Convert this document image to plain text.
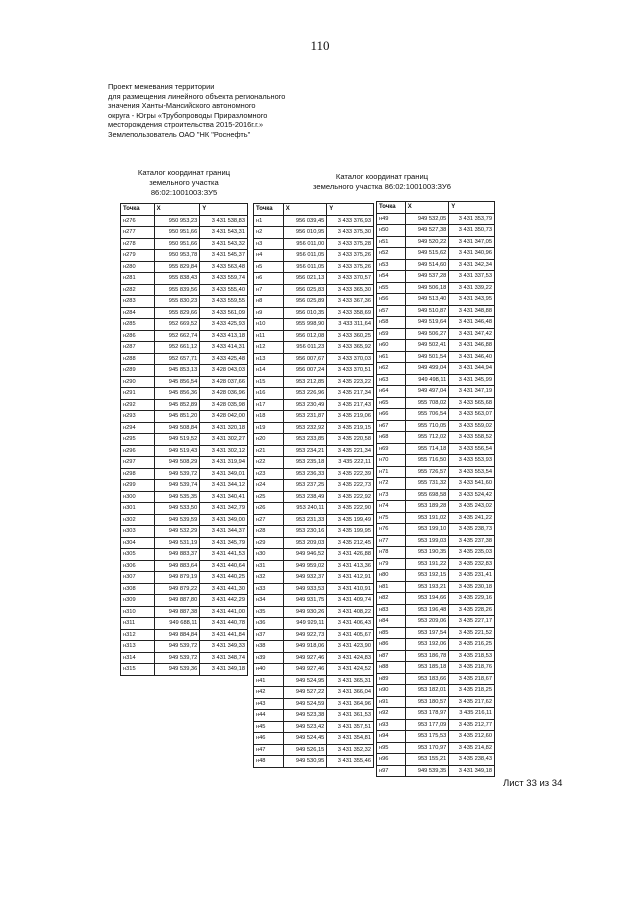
110
Проект межевания территории
для размещения линейного объекта регионального
значения Ханты-Мансийского автономного
округа - Югры «Трубопроводы Приразломного
месторождения строительства 2015-2016г.г.»
Землепользователь ОАО "НК "Роснефть"
Каталог координат границ
земельного участка
86:02:1001003:ЗУ5
Каталог координат границ
земельного участка 86:02:1001003:ЗУ6
Точка	X	Y
н276	950 953,23	3 431 538,83
н277	950 951,66	3 431 543,31
н278	950 951,66	3 431 543,32
н279	950 953,78	3 431 545,37
н280	955 829,84	3 433 563,48
н281	955 838,43	3 433 559,74
н282	955 839,56	3 433 555,40
н283	955 830,23	3 433 559,55
н284	955 829,66	3 433 561,09
н285	952 669,52	3 433 425,93
н286	952 662,74	3 433 413,18
н287	952 661,12	3 433 414,31
н288	952 657,71	3 433 425,48
н289	945 853,13	3 428 043,03
н290	945 856,54	3 428 037,66
н291	945 856,36	3 428 036,96
н292	945 852,89	3 428 035,98
н293	945 851,20	3 428 042,00
н294	949 508,84	3 431 320,18
н295	949 519,52	3 431 302,27
н296	949 519,43	3 431 302,12
н297	949 508,29	3 431 319,94
н298	949 539,72	3 431 349,01
н299	949 539,74	3 431 344,12
н300	949 535,35	3 431 340,41
н301	949 533,50	3 431 342,79
н302	949 539,59	3 431 349,00
н303	949 532,29	3 431 344,37
н304	949 531,19	3 431 345,79
н305	949 883,37	3 431 441,53
н306	949 883,64	3 431 440,64
н307	949 879,19	3 431 440,25
н308	949 879,22	3 431 441,30
н309	949 887,80	3 431 442,29
н310	949 887,38	3 431 441,00
н311	949 688,11	3 431 440,78
н312	949 884,84	3 431 441,84
н313	949 539,72	3 431 349,33
н314	949 539,72	3 431 348,74
н315	949 539,36	3 431 349,18
Точка	X	Y
н1	956 039,45	3 433 376,93
н2	956 010,95	3 433 375,30
н3	956 011,00	3 433 375,28
н4	956 011,05	3 433 375,26
н5	956 011,05	3 433 375,26
н6	956 021,13	3 433 370,57
н7	956 025,83	3 433 365,30
н8	956 025,89	3 433 367,36
н9	956 010,35	3 433 358,69
н10	955 998,90	3 433 311,64
н11	956 012,08	3 433 360,25
н12	956 011,23	3 433 365,92
н13	956 007,67	3 433 370,03
н14	956 007,24	3 433 370,51
н15	953 212,85	3 435 223,22
н16	953 226,96	3 435 217,34
н17	953 230,49	3 435 217,43
н18	953 231,87	3 435 219,06
н19	953 232,92	3 435 219,15
н20	953 233,85	3 435 220,58
н21	953 234,21	3 435 221,34
н22	953 235,18	3 435 222,11
н23	953 236,33	3 435 222,39
н24	953 237,25	3 435 222,73
н25	953 238,49	3 435 222,92
н26	953 240,11	3 435 222,90
н27	953 231,33	3 435 199,49
н28	953 230,16	3 435 199,95
н29	953 209,03	3 435 212,45
н30	949 946,52	3 431 426,88
н31	949 959,02	3 431 413,36
н32	949 932,37	3 431 412,91
н33	949 933,53	3 431 410,91
н34	949 931,75	3 431 409,74
н35	949 930,26	3 431 408,22
н36	949 929,11	3 431 406,43
н37	949 922,73	3 431 405,67
н38	949 918,06	3 431 423,90
н39	949 927,46	3 431 424,83
н40	949 927,46	3 431 424,52
н41	949 524,95	3 431 365,31
н42	949 527,22	3 431 366,04
н43	949 524,59	3 431 364,96
н44	949 523,38	3 431 361,53
н45	949 523,42	3 431 357,51
н46	949 524,45	3 431 354,81
н47	949 526,15	3 431 352,32
н48	949 530,95	3 431 355,46
Точка	X	Y
н49	949 532,05	3 431 353,79
н50	949 527,38	3 431 350,73
н51	949 520,22	3 431 347,05
н52	949 515,62	3 431 340,96
н53	949 514,60	3 431 342,34
н54	949 537,28	3 431 337,53
н55	949 506,18	3 431 339,22
н56	949 513,40	3 431 343,95
н57	949 510,87	3 431 348,88
н58	949 519,64	3 431 346,48
н59	949 506,27	3 431 347,42
н60	949 502,41	3 431 346,88
н61	949 501,54	3 431 346,40
н62	949 499,04	3 431 344,94
н63	949 498,11	3 431 345,99
н64	949 497,04	3 431 347,19
н65	955 708,02	3 433 565,68
н66	955 706,54	3 433 563,07
н67	955 710,05	3 433 559,02
н68	955 712,02	3 433 558,52
н69	955 714,18	3 433 556,54
н70	955 716,50	3 433 553,93
н71	955 726,57	3 433 553,54
н72	955 731,32	3 433 541,60
н73	955 698,58	3 433 524,42
н74	953 189,28	3 435 243,02
н75	953 191,02	3 435 241,22
н76	953 199,10	3 435 238,73
н77	953 199,03	3 435 237,38
н78	953 190,35	3 435 235,03
н79	953 191,22	3 435 232,83
н80	953 192,15	3 435 231,41
н81	953 193,21	3 435 230,18
н82	953 194,66	3 435 229,16
н83	953 196,48	3 435 228,26
н84	953 209,06	3 435 227,17
н85	953 197,54	3 435 221,52
н86	953 192,06	3 435 216,25
н87	953 186,78	3 435 218,53
н88	953 185,18	3 435 218,76
н89	953 183,66	3 435 218,67
н90	953 182,01	3 435 218,25
н91	953 180,57	3 435 217,62
н92	953 178,97	3 435 216,11
н93	953 177,09	3 435 212,77
н94	953 175,53	3 435 212,60
н95	953 170,97	3 435 214,82
н96	953 155,21	3 435 238,43
н97	949 539,35	3 431 349,18
Лист 33 из 34
